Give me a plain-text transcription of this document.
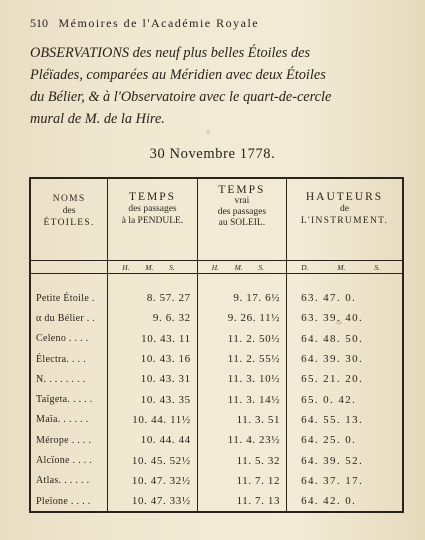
510 Mémoires de l'Académie Royale
OBSERVATIONS des neuf plus belles Étoiles des
Pléïades, comparées au Méridien avec deux Étoiles
du Bélier, & à l'Observatoire avec le quart-de-cercle
mural de M. de la Hire.
30 Novembre 1778.
NOMS
des
ÉTOILES.	TEMPS
des passages
à la PENDULE.	TEMPS
vrai
des passages
au SOLEIL.	HAUTEURS
de
L'INSTRUMENT.

	H. M. S.	H. M. S.	D. M. S.

Petite Étoile .	8. 57. 27	9. 17. 6½	63. 47. 0.
α du Bélier . .	9. 6. 32	9. 26. 11½	63. 39. 40.
Celeno . . . .	10. 43. 11	11. 2. 50½	64. 48. 50.
Électra. . . .	10. 43. 16	11. 2. 55½	64. 39. 30.
N. . . . . . . .	10. 43. 31	11. 3. 10½	65. 21. 20.
Taïgeta. . . . .	10. 43. 35	11. 3. 14½	65. 0. 42.
Maïa. . . . . .	10. 44. 11½	11. 3. 51	64. 55. 13.
Mérope . . . .	10. 44. 44	11. 4. 23½	64. 25. 0.
Alcïone . . . .	10. 45. 52½	11. 5. 32	64. 39. 52.
Atlas. . . . . .	10. 47. 32½	11. 7. 12	64. 37. 17.
Pleïone . . . .	10. 47. 33½	11. 7. 13	64. 42. 0.
